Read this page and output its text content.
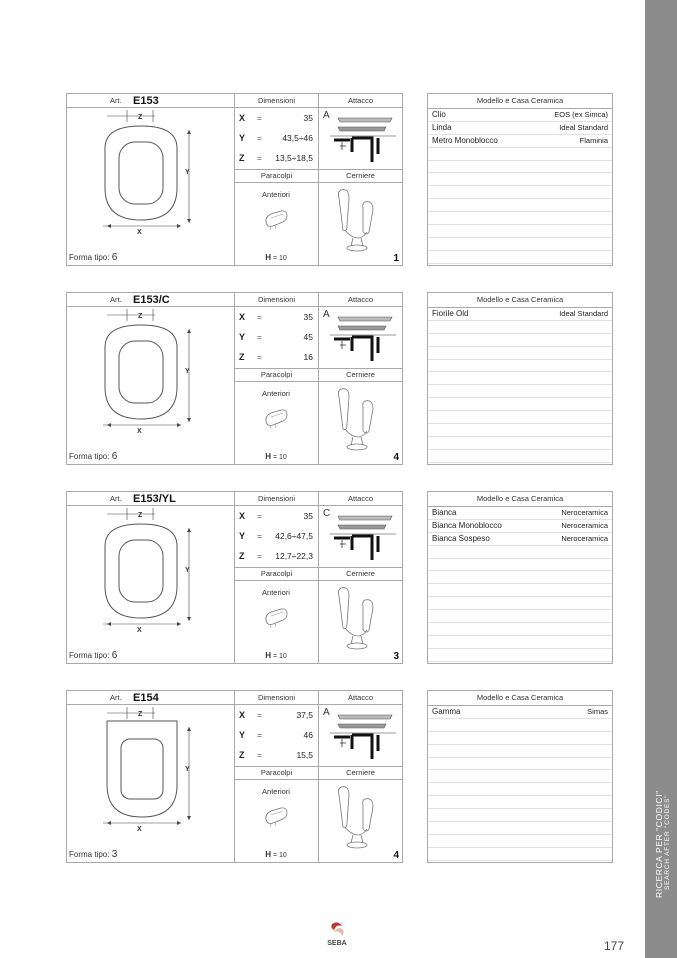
RICERCA PER "CODICI" SEARCH AFTER "CODES"
Art. E153	Dimensioni	Attacco
Z
X
Y
Forma tipo: 6
X =	35
Y = 43,5÷46
Z = 13,5÷18,5
Paracolpi	Cerniere
Anteriori
H = 10
A
1
Modello e Casa Ceramica
Clio	EOS (ex Simca)
Linda	Ideal Standard
Metro Monoblocco	Flaminia
Art. E153/C	Dimensioni	Attacco
Z
X
Y
Forma tipo: 6
X =	35
Y =	45
Z =	16
Paracolpi	Cerniere
Anteriori
H = 10
A
4
Modello e Casa Ceramica
Fiorile Old	Ideal Standard
Art. E153/YL	Dimensioni	Attacco
Z
X
Y
Forma tipo: 6
X =	35
Y = 42,6÷47,5
Z = 12,7÷22,3
Paracolpi	Cerniere
Anteriori
H = 10
C
3
Modello e Casa Ceramica
Bianca	Neroceramica
Bianca Monoblocco	Neroceramica
Bianca Sospeso	Neroceramica
Art. E154	Dimensioni	Attacco
Z
X
Y
Forma tipo: 3
X =	37,5
Y =	46
Z =	15,5
Paracolpi	Cerniere
Anteriori
H = 10
A
4
Modello e Casa Ceramica
Gamma	Simas
SEBA	177
